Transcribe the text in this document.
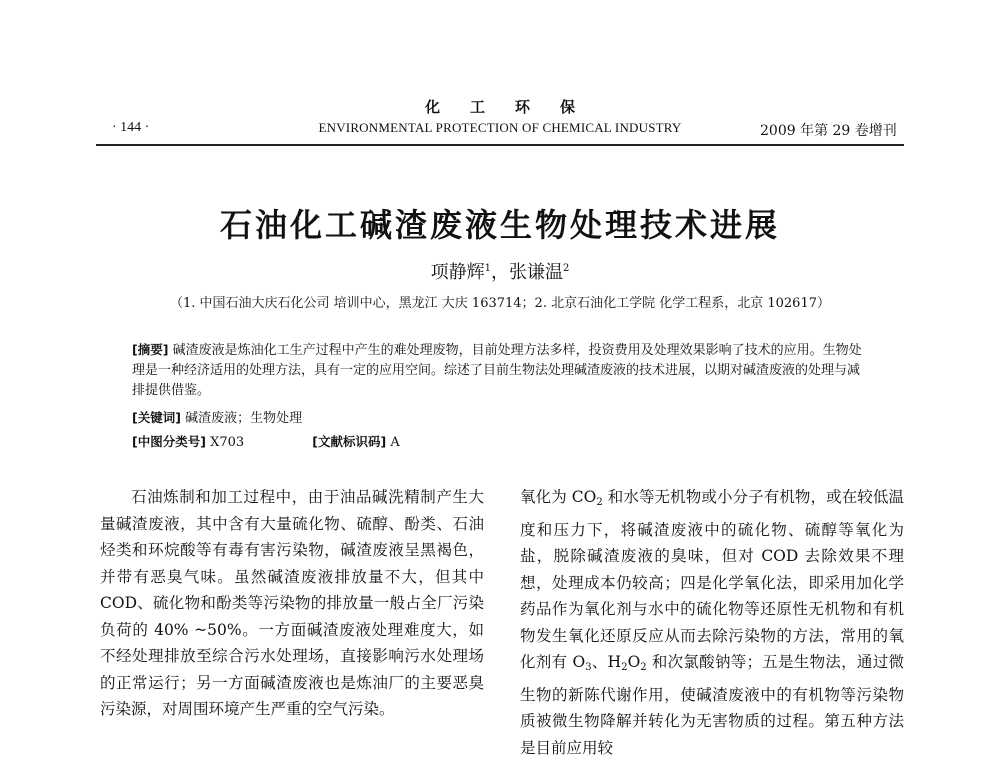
化工环保
· 144 ·	ENVIRONMENTAL PROTECTION OF CHEMICAL INDUSTRY	2009 年第 29 卷增刊
石油化工碱渣废液生物处理技术进展
项静辉$^1$，张谦温$^2$
（1. 中国石油大庆石化公司 培训中心，黑龙江 大庆 163714；2. 北京石油化工学院 化学工程系，北京 102617）
[摘要] 碱渣废液是炼油化工生产过程中产生的难处理废物，目前处理方法多样，投资费用及处理效果影响了技术的应用。生物处理是一种经济适用的处理方法，具有一定的应用空间。综述了目前生物法处理碱渣废液的技术进展，以期对碱渣废液的处理与减排提供借鉴。
[关键词] 碱渣废液；生物处理
[中图分类号] X703	[文献标识码] A

石油炼制和加工过程中，由于油品碱洗精制产生大量碱渣废液，其中含有大量硫化物、硫醇、酚类、石油烃类和环烷酸等有毒有害污染物，碱渣废液呈黑褐色，并带有恶臭气味。虽然碱渣废液排放量不大，但其中 COD、硫化物和酚类等污染物的排放量一般占全厂污染负荷的 40% ~50%。一方面碱渣废液处理难度大，如不经处理排放至综合污水处理场，直接影响污水处理场的正常运行；另一方面碱渣废液也是炼油厂的主要恶臭污染源，对周围环境产生严重的空气污染。

氧化为 $CO_2$ 和水等无机物或小分子有机物，或在较低温度和压力下，将碱渣废液中的硫化物、硫醇等氧化为盐，脱除碱渣废液的臭味，但对 COD 去除效果不理想，处理成本仍较高；四是化学氧化法，即采用加化学药品作为氧化剂与水中的硫化物等还原性无机物和有机物发生氧化还原反应从而去除污染物的方法，常用的氧化剂有 $O_3$、$H_2O_2$ 和次氯酸钠等；五是生物法，通过微生物的新陈代谢作用，使碱渣废液中的有机物等污染物质被微生物降解并转化为无害物质的过程。第五种方法是目前应用较
